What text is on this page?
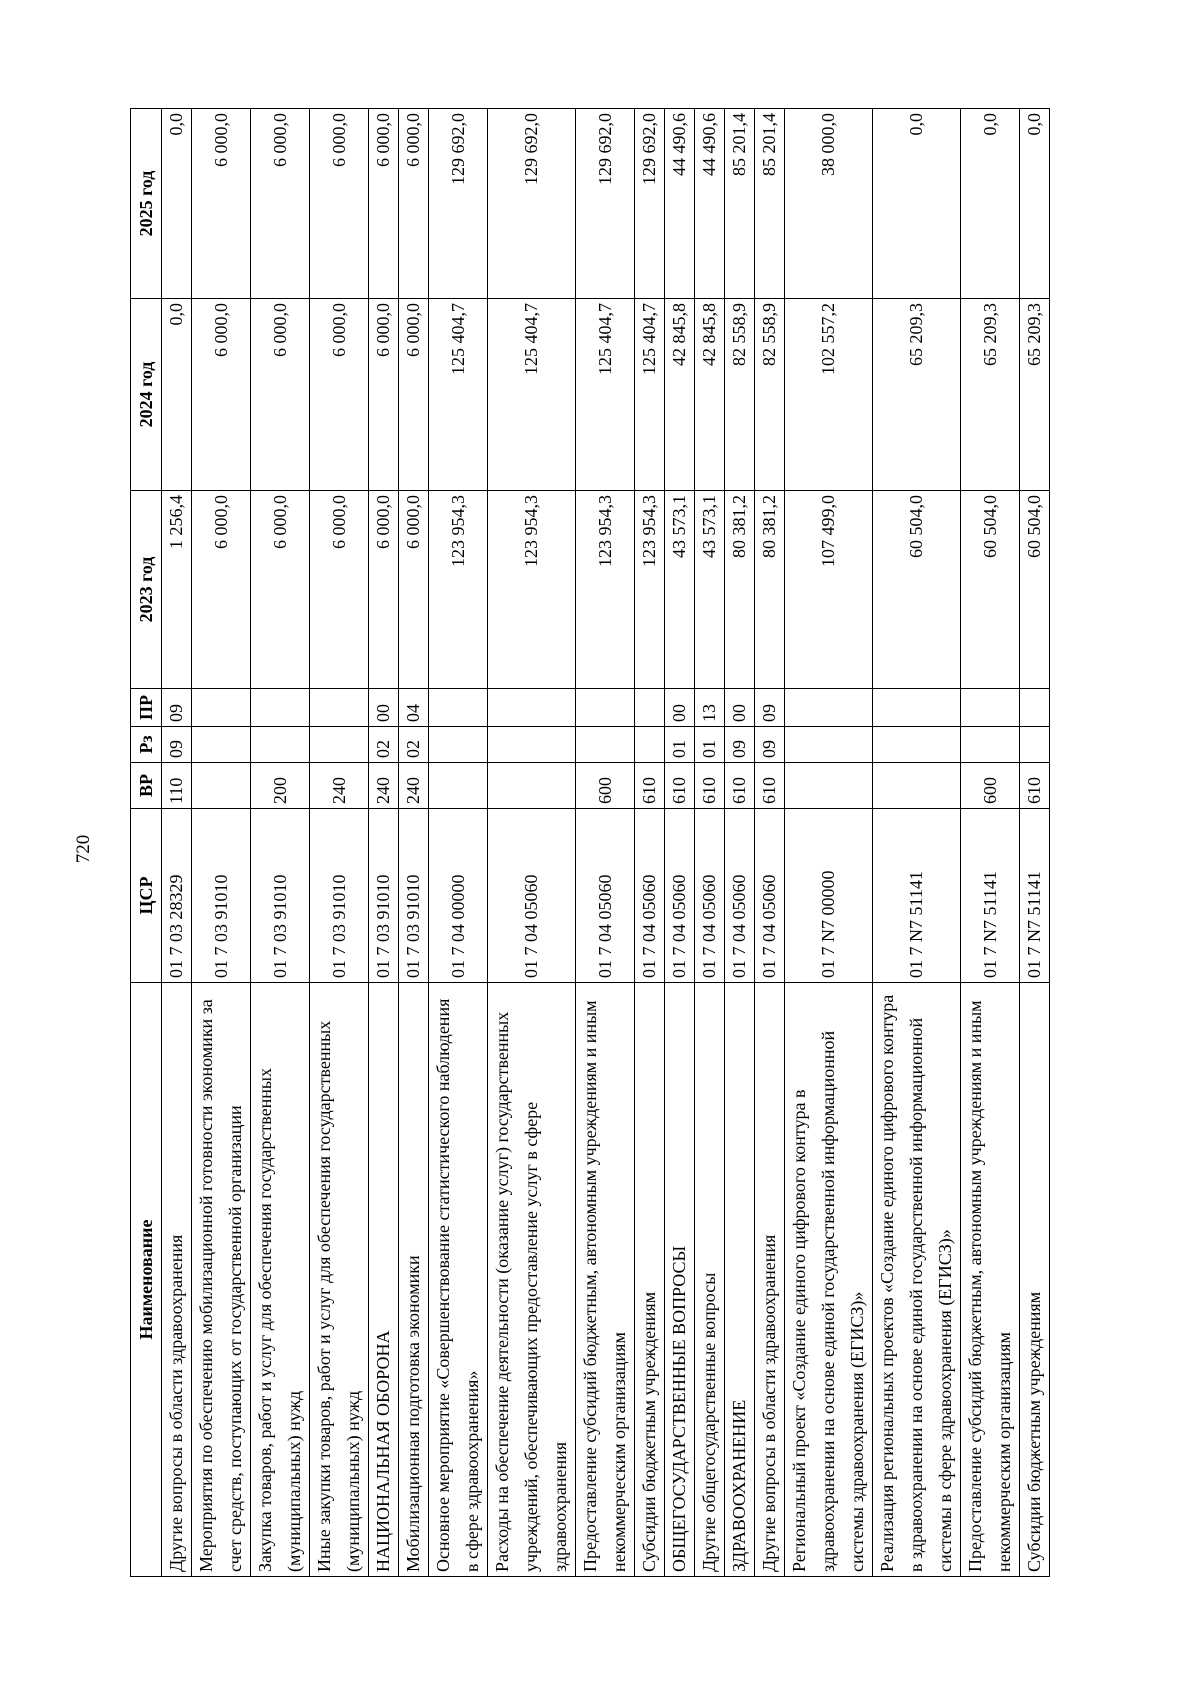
720
Наименование	ЦСР	ВР	Рз	ПР	2023 год	2024 год	2025 год
Другие вопросы в области здравоохранения	01 7 03 28329	110	09	09	1 256,4	0,0	0,0
Мероприятия по обеспечению мобилизационной готовности экономики за счет средств, поступающих от государственной организации	01 7 03 91010				6 000,0	6 000,0	6 000,0
Закупка товаров, работ и услуг для обеспечения государственных (муниципальных) нужд	01 7 03 91010	200			6 000,0	6 000,0	6 000,0
Иные закупки товаров, работ и услуг для обеспечения государственных (муниципальных) нужд	01 7 03 91010	240			6 000,0	6 000,0	6 000,0
НАЦИОНАЛЬНАЯ ОБОРОНА	01 7 03 91010	240	02	00	6 000,0	6 000,0	6 000,0
Мобилизационная подготовка экономики	01 7 03 91010	240	02	04	6 000,0	6 000,0	6 000,0
Основное мероприятие «Совершенствование статистического наблюдения в сфере здравоохранения»	01 7 04 00000				123 954,3	125 404,7	129 692,0
Расходы на обеспечение деятельности (оказание услуг) государственных учреждений, обеспечивающих предоставление услуг в сфере здравоохранения	01 7 04 05060				123 954,3	125 404,7	129 692,0
Предоставление субсидий бюджетным, автономным учреждениям и иным некоммерческим организациям	01 7 04 05060	600			123 954,3	125 404,7	129 692,0
Субсидии бюджетным учреждениям	01 7 04 05060	610			123 954,3	125 404,7	129 692,0
ОБЩЕГОСУДАРСТВЕННЫЕ ВОПРОСЫ	01 7 04 05060	610	01	00	43 573,1	42 845,8	44 490,6
Другие общегосударственные вопросы	01 7 04 05060	610	01	13	43 573,1	42 845,8	44 490,6
ЗДРАВООХРАНЕНИЕ	01 7 04 05060	610	09	00	80 381,2	82 558,9	85 201,4
Другие вопросы в области здравоохранения	01 7 04 05060	610	09	09	80 381,2	82 558,9	85 201,4
Региональный проект «Создание единого цифрового контура в здравоохранении на основе единой государственной информационной системы здравоохранения (ЕГИСЗ)»	01 7 N7 00000				107 499,0	102 557,2	38 000,0
Реализация региональных проектов «Создание единого цифрового контура в здравоохранении на основе единой государственной информационной системы в сфере здравоохранения (ЕГИСЗ)»	01 7 N7 51141				60 504,0	65 209,3	0,0
Предоставление субсидий бюджетным, автономным учреждениям и иным некоммерческим организациям	01 7 N7 51141	600			60 504,0	65 209,3	0,0
Субсидии бюджетным учреждениям	01 7 N7 51141	610			60 504,0	65 209,3	0,0
